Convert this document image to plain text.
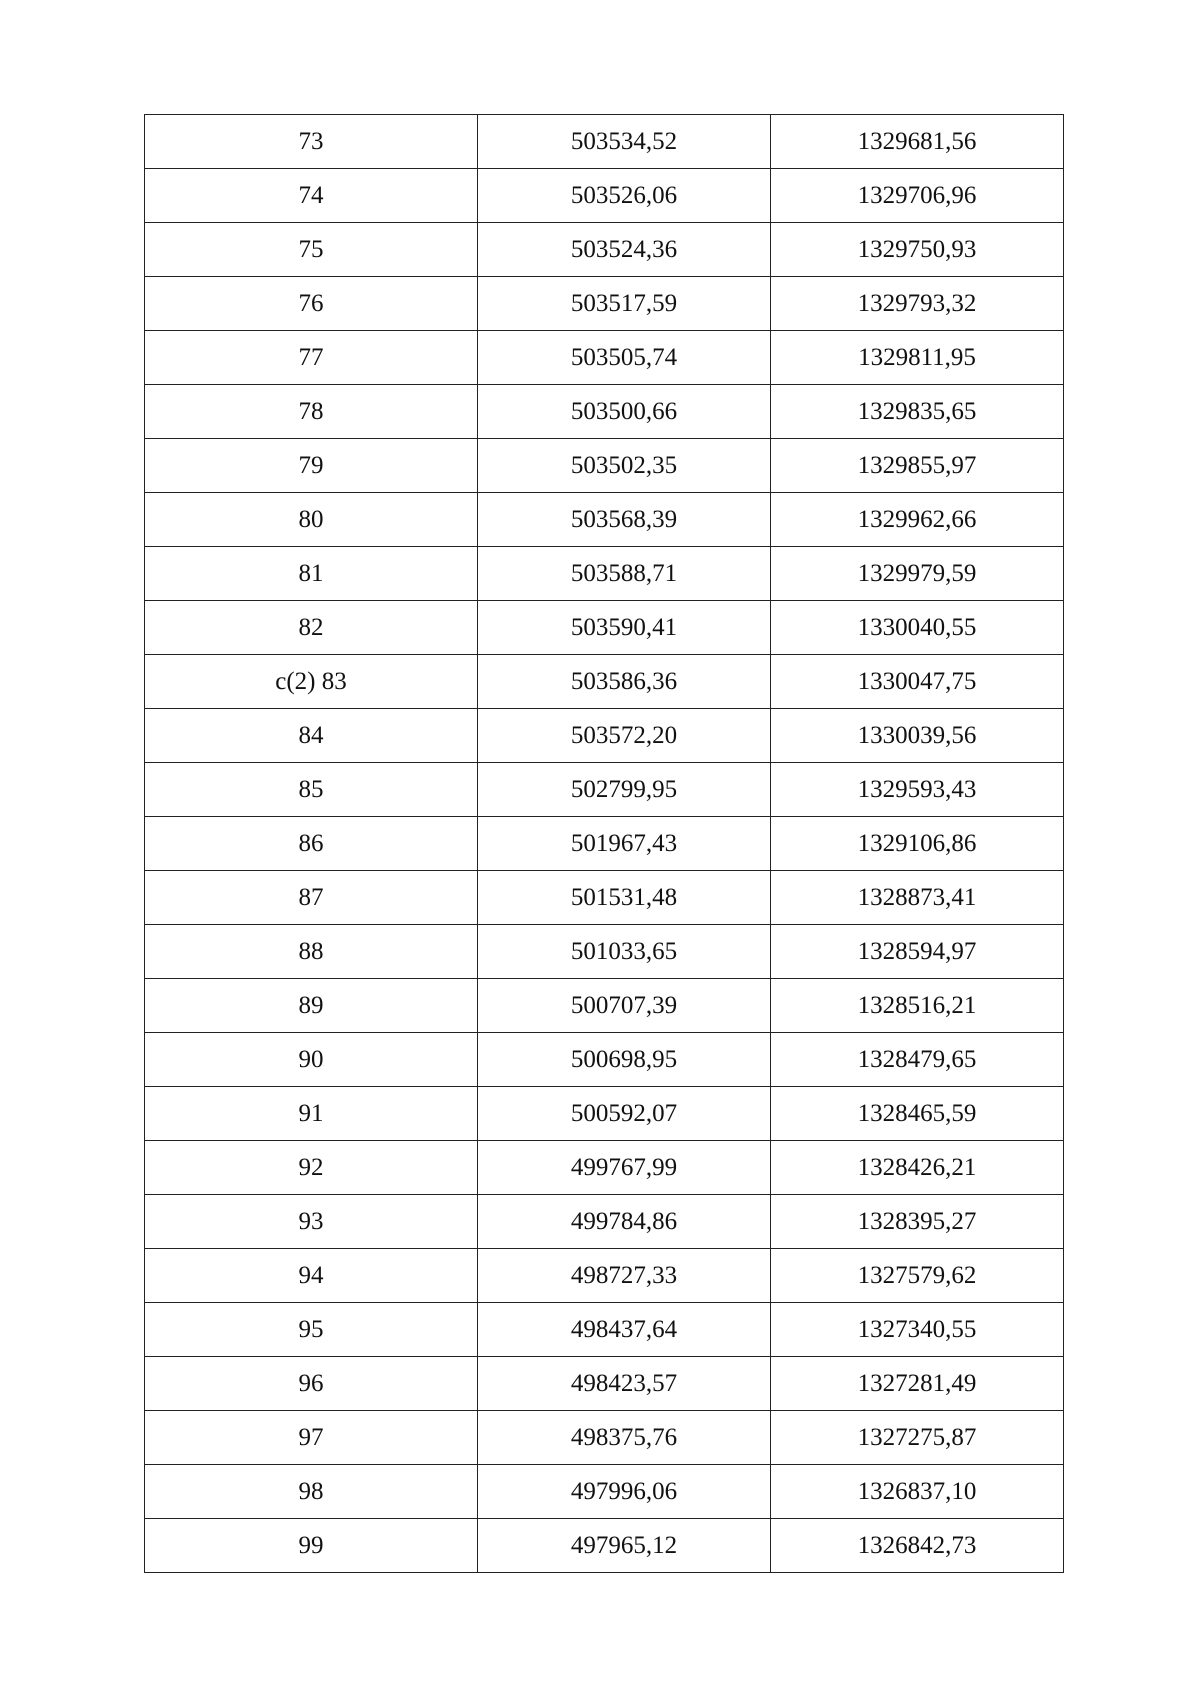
73	503534,52	1329681,56
74	503526,06	1329706,96
75	503524,36	1329750,93
76	503517,59	1329793,32
77	503505,74	1329811,95
78	503500,66	1329835,65
79	503502,35	1329855,97
80	503568,39	1329962,66
81	503588,71	1329979,59
82	503590,41	1330040,55
c(2) 83	503586,36	1330047,75
84	503572,20	1330039,56
85	502799,95	1329593,43
86	501967,43	1329106,86
87	501531,48	1328873,41
88	501033,65	1328594,97
89	500707,39	1328516,21
90	500698,95	1328479,65
91	500592,07	1328465,59
92	499767,99	1328426,21
93	499784,86	1328395,27
94	498727,33	1327579,62
95	498437,64	1327340,55
96	498423,57	1327281,49
97	498375,76	1327275,87
98	497996,06	1326837,10
99	497965,12	1326842,73
